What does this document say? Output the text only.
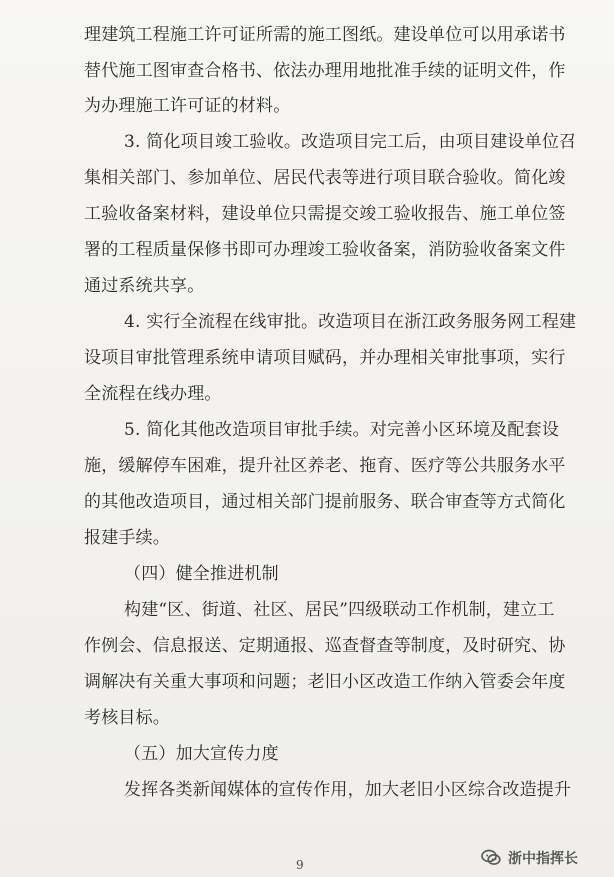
理建筑工程施工许可证所需的施工图纸。建设单位可以用承诺书
替代施工图审查合格书、依法办理用地批准手续的证明文件，作
为办理施工许可证的材料。
3. 简化项目竣工验收。改造项目完工后，由项目建设单位召
集相关部门、参加单位、居民代表等进行项目联合验收。简化竣
工验收备案材料，建设单位只需提交竣工验收报告、施工单位签
署的工程质量保修书即可办理竣工验收备案，消防验收备案文件
通过系统共享。
4. 实行全流程在线审批。改造项目在浙江政务服务网工程建
设项目审批管理系统申请项目赋码，并办理相关审批事项，实行
全流程在线办理。
5. 简化其他改造项目审批手续。对完善小区环境及配套设
施，缓解停车困难，提升社区养老、拖育、医疗等公共服务水平
的其他改造项目，通过相关部门提前服务、联合审查等方式简化
报建手续。
（四）健全推进机制
构建“区、街道、社区、居民”四级联动工作机制，建立工
作例会、信息报送、定期通报、巡查督查等制度，及时研究、协
调解决有关重大事项和问题；老旧小区改造工作纳入管委会年度
考核目标。
（五）加大宣传力度
发挥各类新闻媒体的宣传作用，加大老旧小区综合改造提升
9	浙中指挥长
